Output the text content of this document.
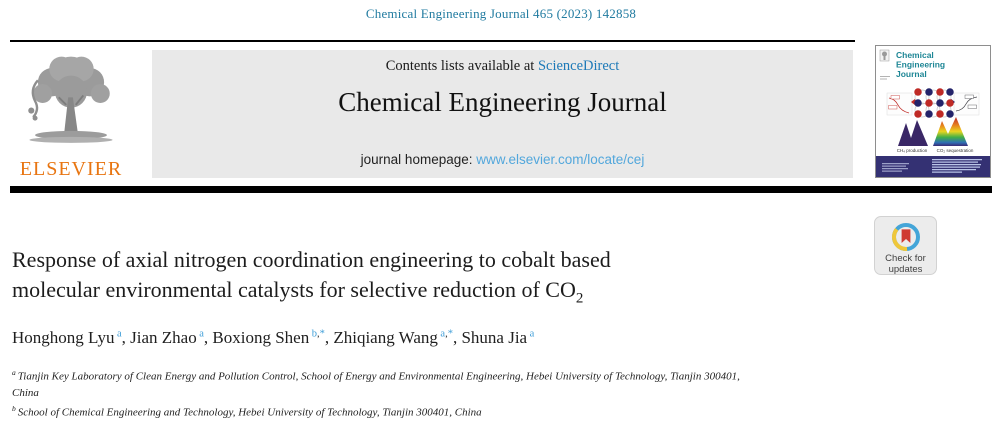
Chemical Engineering Journal 465 (2023) 142858
ELSEVIER
Contents lists available at ScienceDirect
Chemical Engineering Journal
journal homepage: www.elsevier.com/locate/cej
Chemical
Engineering
Journal
CH₄ production CO₂ sequestration
Response of axial nitrogen coordination engineering to cobalt based
molecular environmental catalysts for selective reduction of $CO_2$
Honghong Lyu $^a$, Jian Zhao $^a$, Boxiong Shen $^{b,*}$, Zhiqiang Wang $^{a,*}$, Shuna Jia $^a$
$^a$ Tianjin Key Laboratory of Clean Energy and Pollution Control, School of Energy and Environmental Engineering, Hebei University of Technology, Tianjin 300401,
China
$^b$ School of Chemical Engineering and Technology, Hebei University of Technology, Tianjin 300401, China
Check for
updates
